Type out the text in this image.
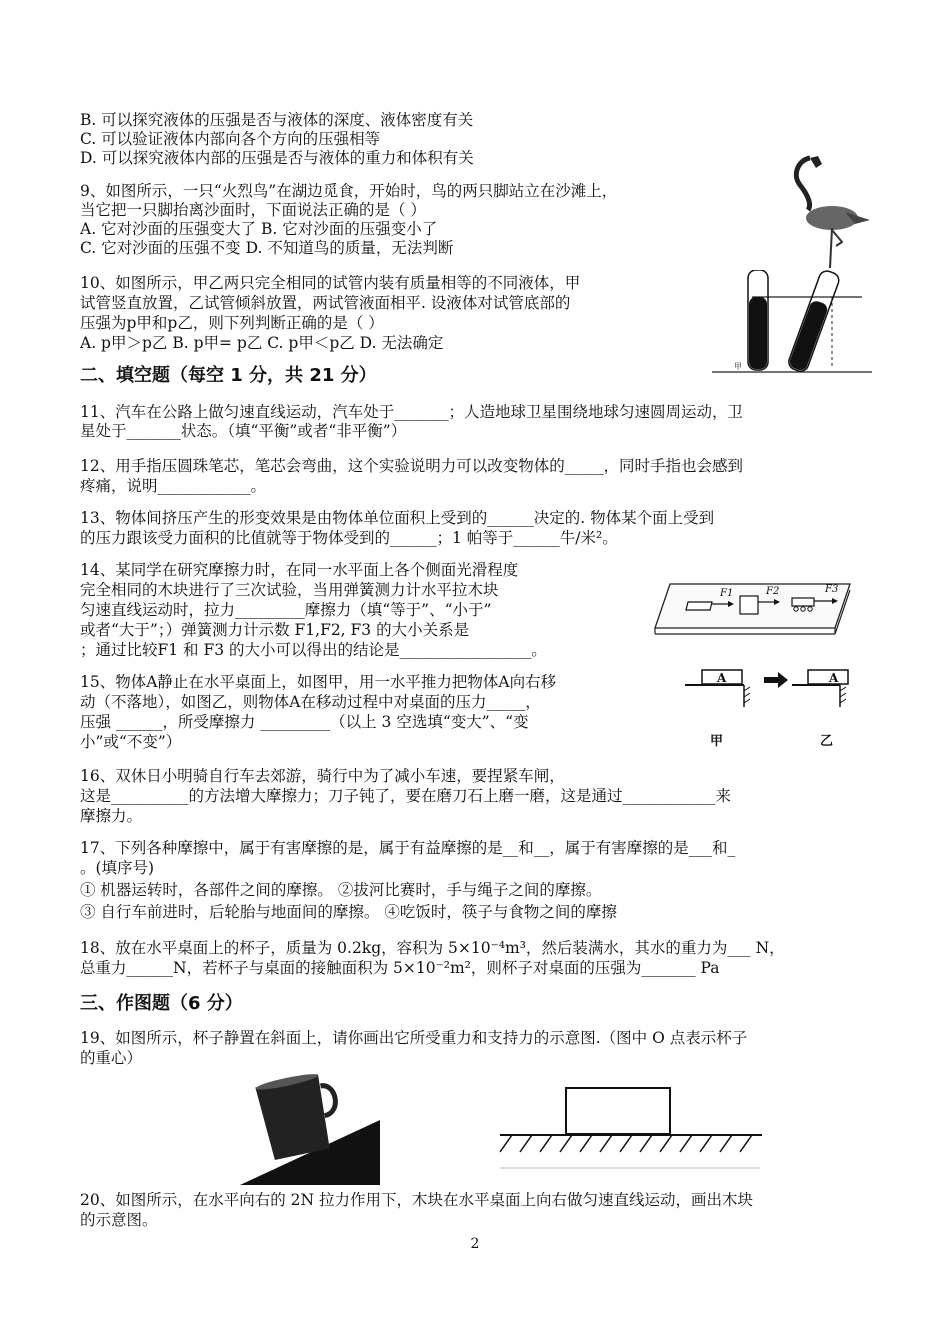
B. 可以探究液体的压强是否与液体的深度、液体密度有关
C. 可以验证液体内部向各个方向的压强相等
D. 可以探究液体内部的压强是否与液体的重力和体积有关
9、如图所示，一只“火烈鸟”在湖边觅食，开始时，鸟的两只脚站立在沙滩上，
当它把一只脚抬离沙面时，下面说法正确的是（ ）
A. 它对沙面的压强变大了 B. 它对沙面的压强变小了
C. 它对沙面的压强不变 D. 不知道鸟的质量，无法判断
10、如图所示，甲乙两只完全相同的试管内装有质量相等的不同液体，甲
试管竖直放置，乙试管倾斜放置，两试管液面相平. 设液体对试管底部的
压强为p甲和p乙，则下列判断正确的是（ ）
A. p甲＞p乙 B. p甲= p乙 C. p甲＜p乙 D. 无法确定
二、填空题（每空 1 分，共 21 分）
11、汽车在公路上做匀速直线运动，汽车处于_______；人造地球卫星围绕地球匀速圆周运动，卫
星处于_______状态。（填“平衡”或者“非平衡”）
12、用手指压圆珠笔芯，笔芯会弯曲，这个实验说明力可以改变物体的_____，同时手指也会感到
疼痛，说明____________。
13、物体间挤压产生的形变效果是由物体单位面积上受到的______决定的. 物体某个面上受到
的压力跟该受力面积的比值就等于物体受到的______；1 帕等于______牛/米²。
14、某同学在研究摩擦力时，在同一水平面上各个侧面光滑程度
完全相同的木块进行了三次试验，当用弹簧测力计水平拉木块
匀速直线运动时，拉力_________摩擦力（填“等于”、“小于”
或者“大于”；）弹簧测力计示数 F1,F2, F3 的大小关系是
；通过比较F1 和 F3 的大小可以得出的结论是_________________。
15、物体A静止在水平桌面上，如图甲，用一水平推力把物体A向右移
动（不落地），如图乙，则物体A在移动过程中对桌面的压力_____，
压强 ______，所受摩擦力 _________（以上 3 空选填“变大”、“变
小”或“不变”）
16、双休日小明骑自行车去郊游，骑行中为了减小车速，要捏紧车闸，
这是__________的方法增大摩擦力；刀子钝了，要在磨刀石上磨一磨，这是通过____________来
摩擦力。
17、下列各种摩擦中，属于有害摩擦的是，属于有益摩擦的是__和__，属于有害摩擦的是___和_
。(填序号)
① 机器运转时，各部件之间的摩擦。 ②拔河比赛时，手与绳子之间的摩擦。
③ 自行车前进时，后轮胎与地面间的摩擦。 ④吃饭时，筷子与食物之间的摩擦
18、放在水平桌面上的杯子，质量为 0.2kg，容积为 5×10⁻⁴m³，然后装满水，其水的重力为___ N，
总重力______N，若杯子与桌面的接触面积为 5×10⁻²m²，则杯子对桌面的压强为_______ Pa
三、作图题（6 分）
19、如图所示，杯子静置在斜面上，请你画出它所受重力和支持力的示意图.（图中 O 点表示杯子
的重心）
20、如图所示，在水平向右的 2N 拉力作用下，木块在水平桌面上向右做匀速直线运动，画出木块
的示意图。
2
甲	乙
F1	F2	F3
A	A
甲	乙
